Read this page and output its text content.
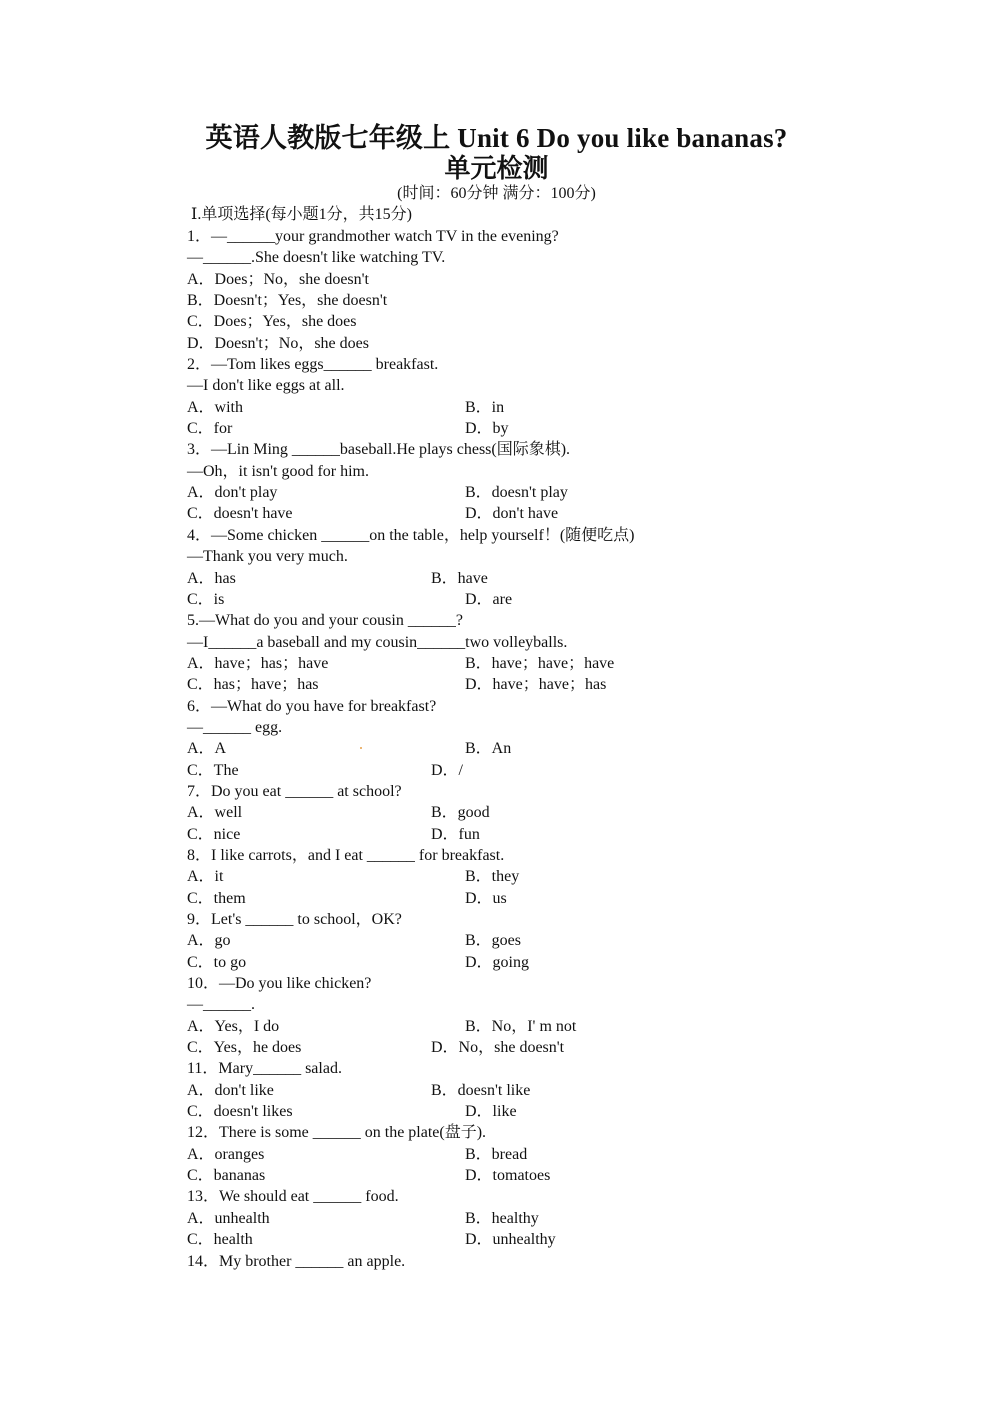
英语人教版七年级上 Unit 6 Do you like bananas?
单元检测
(时间：60分钟 满分：100分)
Ⅰ.单项选择(每小题1分，共15分)
1．—______your grandmother watch TV in the evening?
—______.She doesn't like watching TV.
A．Does；No，she doesn't
B．Doesn't；Yes，she doesn't
C．Does；Yes，she does
D．Doesn't；No，she does
2．—Tom likes eggs______ breakfast.
—I don't like eggs at all.
A．with	B．in
C．for	D．by
3．—Lin Ming ______baseball.He plays chess(国际象棋).
—Oh，it isn't good for him.
A．don't play	B．doesn't play
C．doesn't have	D．don't have
4．—Some chicken ______on the table，help yourself！(随便吃点)
—Thank you very much.
A．has	B．have
C．is	D．are
5.—What do you and your cousin ______?
—I______a baseball and my cousin______two volleyballs.
A．have；has；have	B．have；have；have
C．has；have；has	D．have；have；has
6．—What do you have for breakfast?
—______ egg.
A．A	B．An
C．The	D．/
7．Do you eat ______ at school?
A．well	B．good
C．nice	D．fun
8．I like carrots，and I eat ______ for breakfast.
A．it	B．they
C．them	D．us
9．Let's ______ to school，OK?
A．go	B．goes
C．to go	D．going
10．—Do you like chicken?
—______.
A．Yes，I do	B．No，I' m not
C．Yes，he does	D．No，she doesn't
11．Mary______ salad.
A．don't like	B．doesn't like
C．doesn't likes	D．like
12．There is some ______ on the plate(盘子).
A．oranges	B．bread
C．bananas	D．tomatoes
13．We should eat ______ food.
A．unhealth	B．healthy
C．health	D．unhealthy
14．My brother ______ an apple.
